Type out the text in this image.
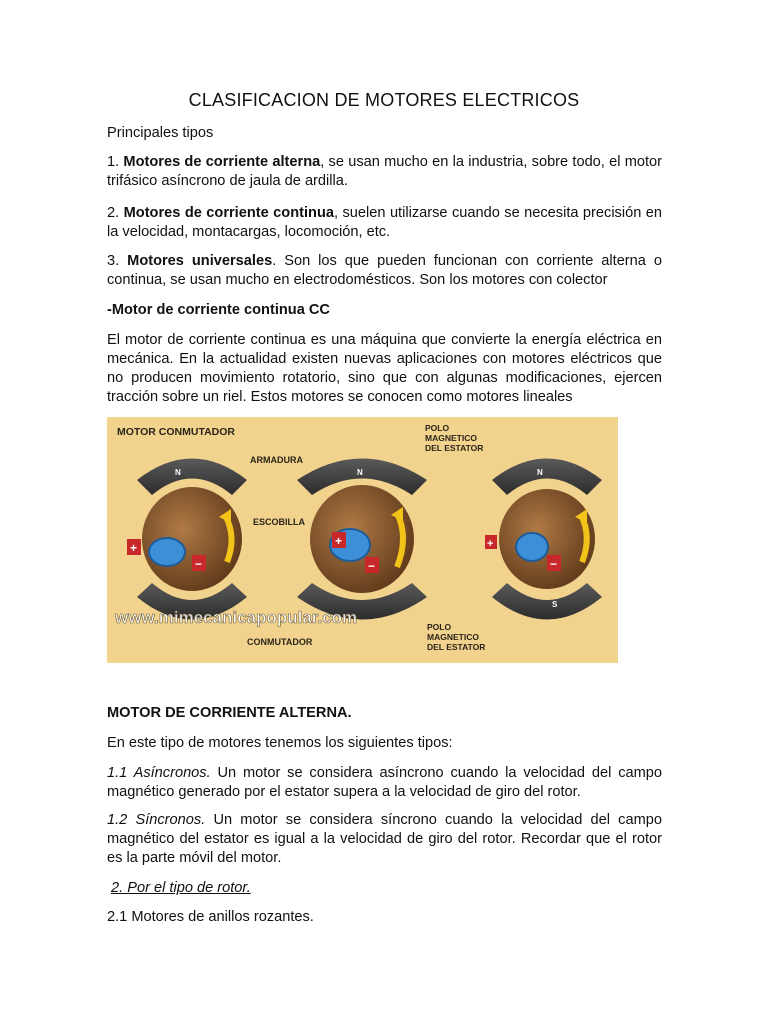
CLASIFICACION DE MOTORES ELECTRICOS

Principales tipos

1. Motores de corriente alterna, se usan mucho en la industria, sobre todo, el motor trifásico asíncrono de jaula de ardilla.

2. Motores de corriente continua, suelen utilizarse cuando se necesita precisión en la velocidad, montacargas, locomoción, etc.

3. Motores universales. Son los que pueden funcionan con corriente alterna o continua, se usan mucho en electrodomésticos. Son los motores con colector

-Motor de corriente continua CC

El motor de corriente continua es una máquina que convierte la energía eléctrica en mecánica. En la actualidad existen nuevas aplicaciones con motores eléctricos que no producen movimiento rotatorio, sino que con algunas modificaciones, ejercen tracción sobre un riel. Estos motores se conocen como motores lineales

MOTOR CONMUTADOR
ARMADURA
ESCOBILLA
CONMUTADOR
POLO
MAGNETICO
DEL ESTATOR
POLO
MAGNETICO
DEL ESTATOR
N	N	N
S
+
−
+
−
+
−
www.mimecanicapopular.com

MOTOR DE CORRIENTE ALTERNA.

En este tipo de motores tenemos los siguientes tipos:

1.1 Asíncronos. Un motor se considera asíncrono cuando la velocidad del campo magnético generado por el estator supera a la velocidad de giro del rotor.

1.2 Síncronos. Un motor se considera síncrono cuando la velocidad del campo magnético del estator es igual a la velocidad de giro del rotor. Recordar que el rotor es la parte móvil del motor.

2. Por el tipo de rotor.

2.1 Motores de anillos rozantes.
